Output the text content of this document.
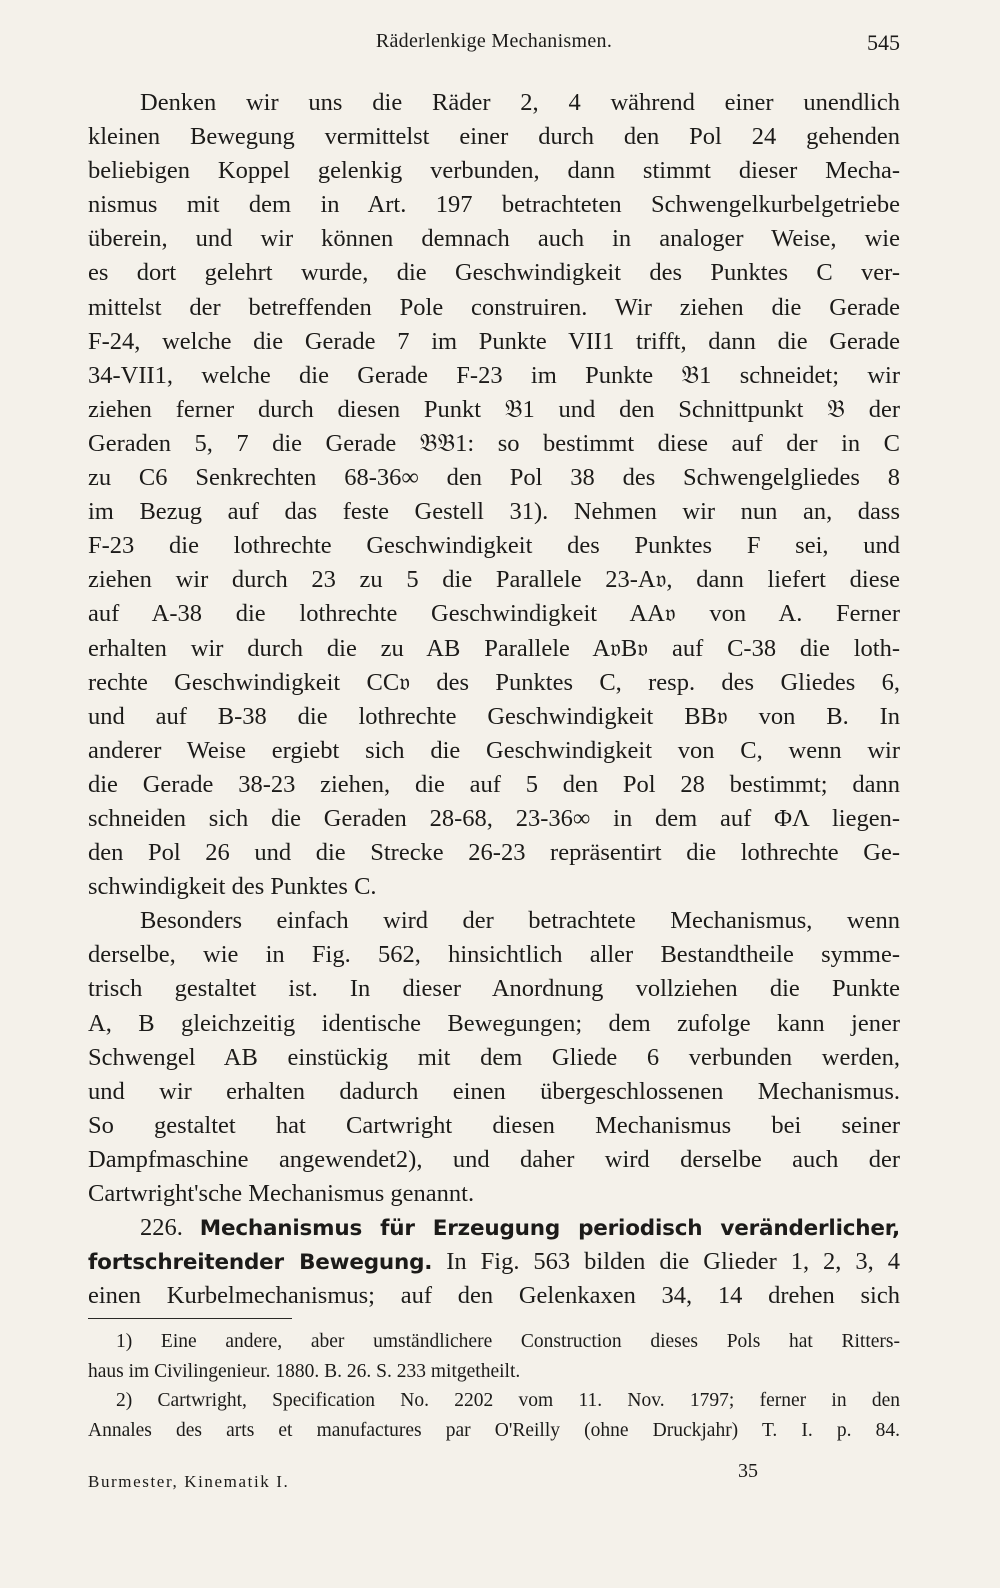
Räderlenkige Mechanismen.	545
Denken wir uns die Räder 2, 4 während einer unendlich
kleinen Bewegung vermittelst einer durch den Pol 24 gehenden
beliebigen Koppel gelenkig verbunden, dann stimmt dieser Mecha-
nismus mit dem in Art. 197 betrachteten Schwengelkurbelgetriebe
überein, und wir können demnach auch in analoger Weise, wie
es dort gelehrt wurde, die Geschwindigkeit des Punktes C ver-
mittelst der betreffenden Pole construiren. Wir ziehen die Gerade
F-24, welche die Gerade 7 im Punkte VII1 trifft, dann die Gerade
34-VII1, welche die Gerade F-23 im Punkte 𝔅1 schneidet; wir
ziehen ferner durch diesen Punkt 𝔅1 und den Schnittpunkt 𝔅 der
Geraden 5, 7 die Gerade 𝔅𝔅1: so bestimmt diese auf der in C
zu C6 Senkrechten 68-36∞ den Pol 38 des Schwengelgliedes 8
im Bezug auf das feste Gestell 31). Nehmen wir nun an, dass
F-23 die lothrechte Geschwindigkeit des Punktes F sei, und
ziehen wir durch 23 zu 5 die Parallele 23-A𝔳, dann liefert diese
auf A-38 die lothrechte Geschwindigkeit AA𝔳 von A. Ferner
erhalten wir durch die zu AB Parallele A𝔳B𝔳 auf C-38 die loth-
rechte Geschwindigkeit CC𝔳 des Punktes C, resp. des Gliedes 6,
und auf B-38 die lothrechte Geschwindigkeit BB𝔳 von B. In
anderer Weise ergiebt sich die Geschwindigkeit von C, wenn wir
die Gerade 38-23 ziehen, die auf 5 den Pol 28 bestimmt; dann
schneiden sich die Geraden 28-68, 23-36∞ in dem auf ΦΛ liegen-
den Pol 26 und die Strecke 26-23 repräsentirt die lothrechte Ge-
schwindigkeit des Punktes C.
Besonders einfach wird der betrachtete Mechanismus, wenn
derselbe, wie in Fig. 562, hinsichtlich aller Bestandtheile symme-
trisch gestaltet ist. In dieser Anordnung vollziehen die Punkte
A, B gleichzeitig identische Bewegungen; dem zufolge kann jener
Schwengel AB einstückig mit dem Gliede 6 verbunden werden,
und wir erhalten dadurch einen übergeschlossenen Mechanismus.
So gestaltet hat Cartwright diesen Mechanismus bei seiner
Dampfmaschine angewendet2), und daher wird derselbe auch der
Cartwright'sche Mechanismus genannt.
226. Mechanismus für Erzeugung periodisch veränderlicher,
fortschreitender Bewegung. In Fig. 563 bilden die Glieder 1, 2, 3, 4
einen Kurbelmechanismus; auf den Gelenkaxen 34, 14 drehen sich
1) Eine andere, aber umständlichere Construction dieses Pols hat Ritters-
haus im Civilingenieur. 1880. B. 26. S. 233 mitgetheilt.
2) Cartwright, Specification No. 2202 vom 11. Nov. 1797; ferner in den
Annales des arts et manufactures par O'Reilly (ohne Druckjahr) T. I. p. 84.
Burmester, Kinematik I.	35
